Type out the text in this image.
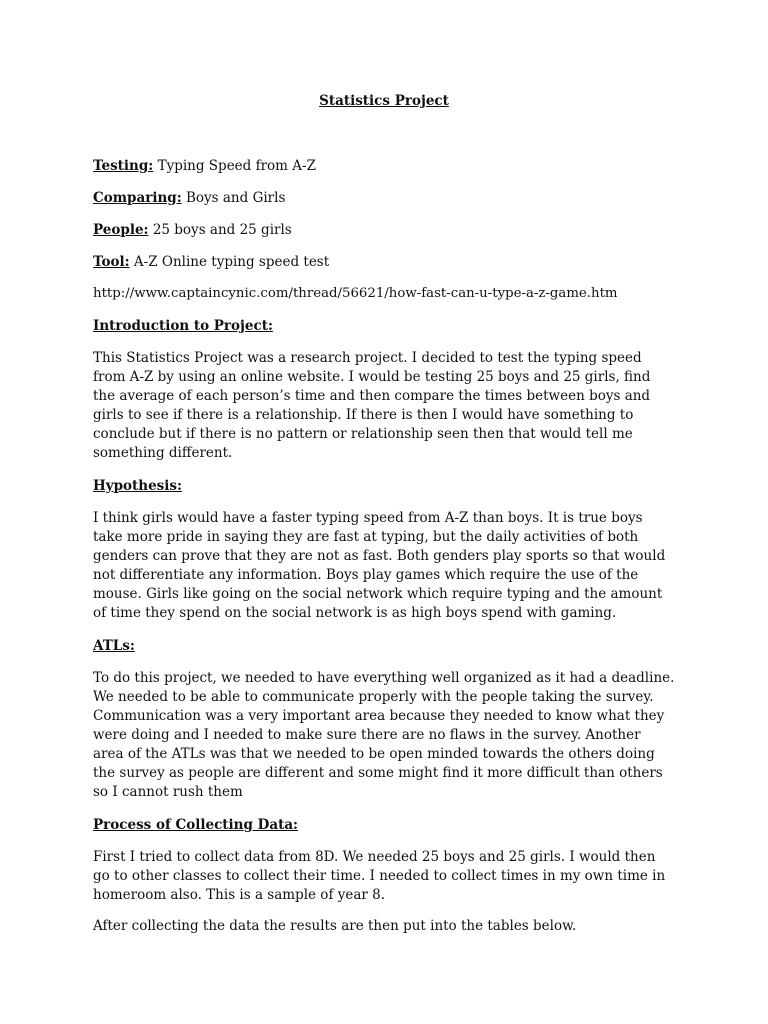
Statistics Project
Testing: Typing Speed from A-Z
Comparing: Boys and Girls
People: 25 boys and 25 girls
Tool: A-Z Online typing speed test
http://www.captaincynic.com/thread/56621/how-fast-can-u-type-a-z-game.htm
Introduction to Project:
This Statistics Project was a research project. I decided to test the typing speed
from A-Z by using an online website. I would be testing 25 boys and 25 girls, find
the average of each person’s time and then compare the times between boys and
girls to see if there is a relationship. If there is then I would have something to
conclude but if there is no pattern or relationship seen then that would tell me
something different.
Hypothesis:
I think girls would have a faster typing speed from A-Z than boys. It is true boys
take more pride in saying they are fast at typing, but the daily activities of both
genders can prove that they are not as fast. Both genders play sports so that would
not differentiate any information. Boys play games which require the use of the
mouse. Girls like going on the social network which require typing and the amount
of time they spend on the social network is as high boys spend with gaming.
ATLs:
To do this project, we needed to have everything well organized as it had a deadline.
We needed to be able to communicate properly with the people taking the survey.
Communication was a very important area because they needed to know what they
were doing and I needed to make sure there are no flaws in the survey. Another
area of the ATLs was that we needed to be open minded towards the others doing
the survey as people are different and some might find it more difficult than others
so I cannot rush them
Process of Collecting Data:
First I tried to collect data from 8D. We needed 25 boys and 25 girls. I would then
go to other classes to collect their time. I needed to collect times in my own time in
homeroom also. This is a sample of year 8.
After collecting the data the results are then put into the tables below.
